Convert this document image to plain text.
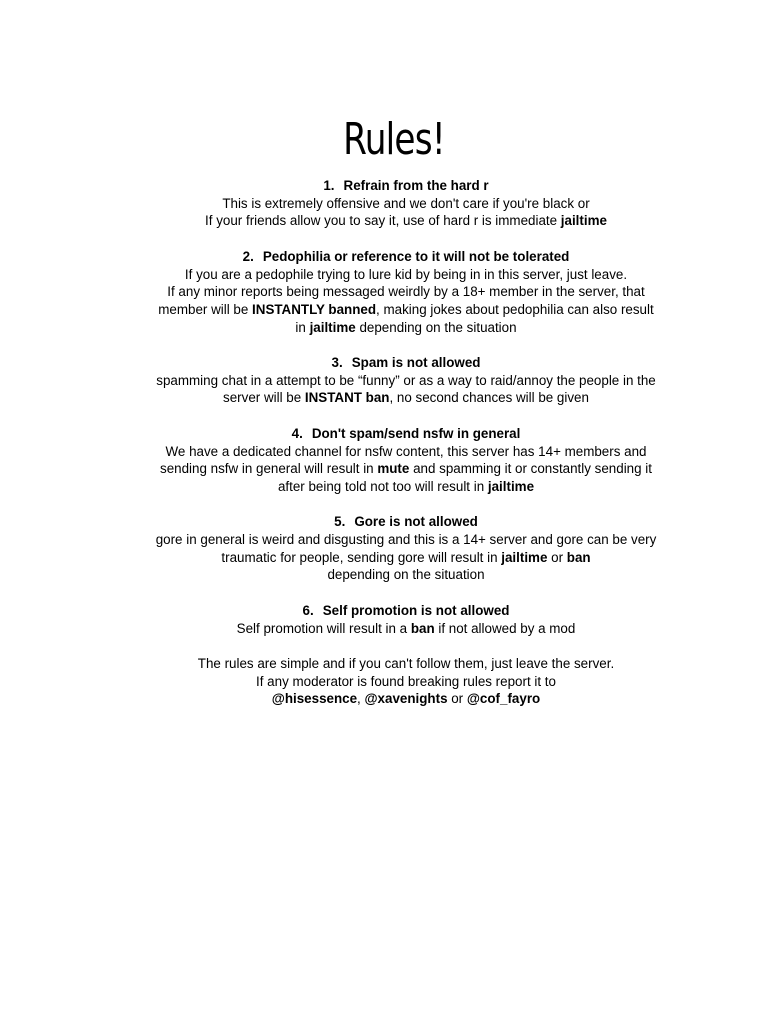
Rules!
1. Refrain from the hard r
This is extremely offensive and we don't care if you're black or
If your friends allow you to say it, use of hard r is immediate jailtime
2. Pedophilia or reference to it will not be tolerated
If you are a pedophile trying to lure kid by being in in this server, just leave.
If any minor reports being messaged weirdly by a 18+ member in the server, that
member will be INSTANTLY banned, making jokes about pedophilia can also result
in jailtime depending on the situation
3. Spam is not allowed
spamming chat in a attempt to be “funny” or as a way to raid/annoy the people in the
server will be INSTANT ban, no second chances will be given
4. Don't spam/send nsfw in general
We have a dedicated channel for nsfw content, this server has 14+ members and
sending nsfw in general will result in mute and spamming it or constantly sending it
after being told not too will result in jailtime
5. Gore is not allowed
gore in general is weird and disgusting and this is a 14+ server and gore can be very
traumatic for people, sending gore will result in jailtime or ban
depending on the situation
6. Self promotion is not allowed
Self promotion will result in a ban if not allowed by a mod
The rules are simple and if you can't follow them, just leave the server.
If any moderator is found breaking rules report it to
@hisessence, @xavenights or @cof_fayro
